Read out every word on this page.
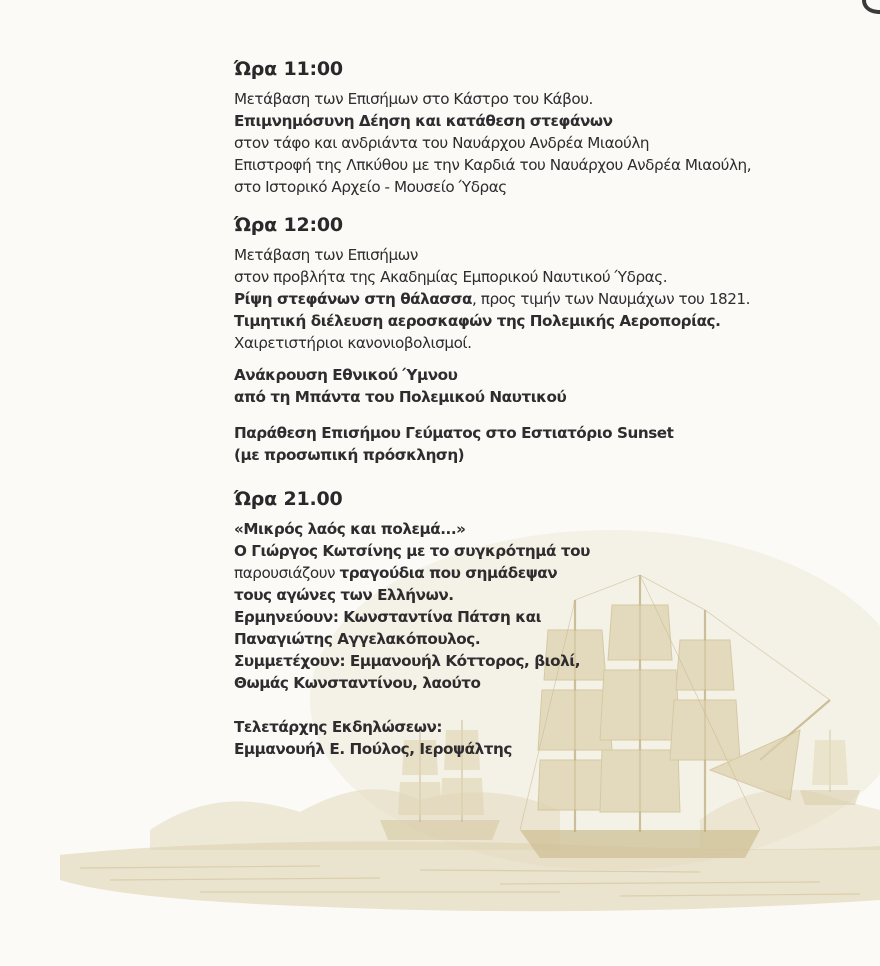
Ώρα 11:00
Μετάβαση των Επισήμων στο Κάστρο του Κάβου.
Επιμνημόσυνη Δέηση και κατάθεση στεφάνων
στον τάφο και ανδριάντα του Ναυάρχου Ανδρέα Μιαούλη
Επιστροφή της Λπκύθου με την Καρδιά του Ναυάρχου Ανδρέα Μιαούλη,
στο Ιστορικό Αρχείο - Μουσείο Ύδρας
Ώρα 12:00
Μετάβαση των Επισήμων
στον προβλήτα της Ακαδημίας Εμπορικού Ναυτικού Ύδρας.
Ρίψη στεφάνων στη θάλασσα, προς τιμήν των Ναυμάχων του 1821.
Τιμητική διέλευση αεροσκαφών της Πολεμικής Αεροπορίας.
Χαιρετιστήριοι κανονιοβολισμοί.
Ανάκρουση Εθνικού Ύμνου
από τη Μπάντα του Πολεμικού Ναυτικού
Παράθεση Επισήμου Γεύματος στο Εστιατόριο Sunset
(με προσωπική πρόσκληση)
Ώρα 21.00
«Μικρός λαός και πολεμά...»
Ο Γιώργος Κωτσίνης με το συγκρότημά του
παρουσιάζουν τραγούδια που σημάδεψαν
τους αγώνες των Ελλήνων.
Ερμηνεύουν: Κωνσταντίνα Πάτση και
Παναγιώτης Αγγελακόπουλος.
Συμμετέχουν: Εμμανουήλ Κόττορος, βιολί,
Θωμάς Κωνσταντίνου, λαούτο
Τελετάρχης Εκδηλώσεων:
Εμμανουήλ Ε. Πούλος, Ιεροψάλτης
